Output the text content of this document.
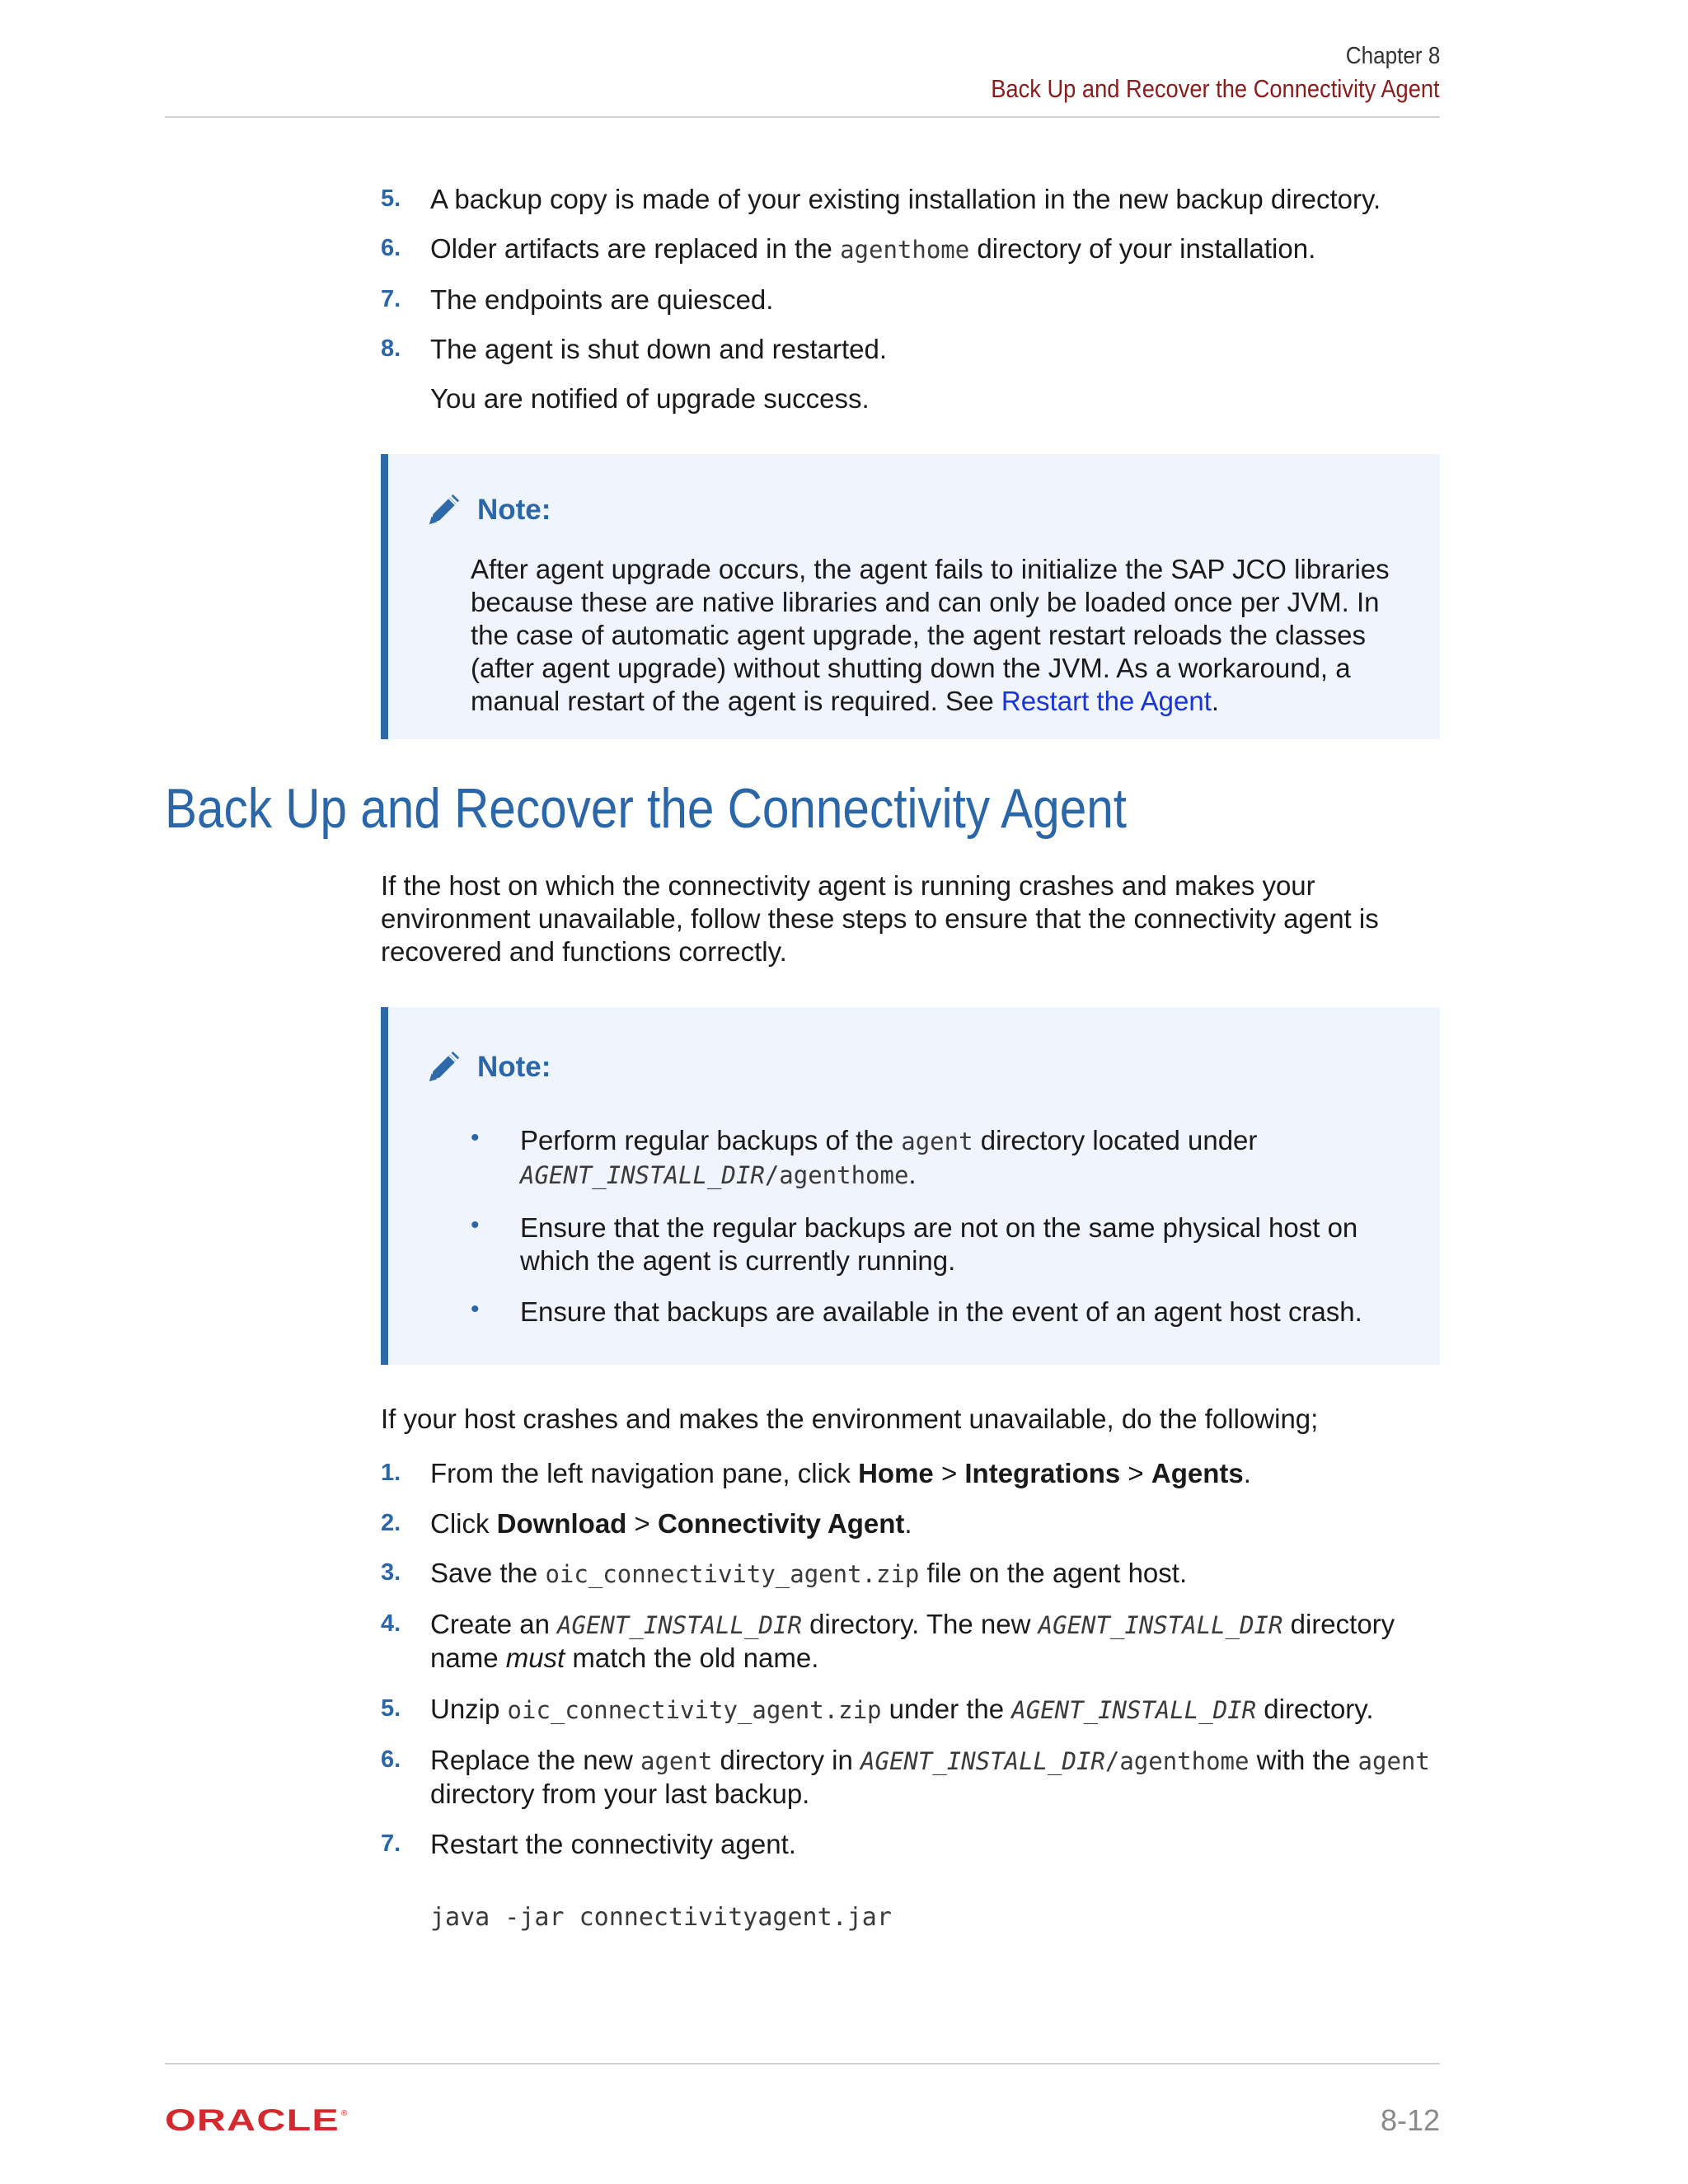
Chapter 8
Back Up and Recover the Connectivity Agent
5. A backup copy is made of your existing installation in the new backup directory.
6. Older artifacts are replaced in the agenthome directory of your installation.
7. The endpoints are quiesced.
8. The agent is shut down and restarted.
You are notified of upgrade success.
Note:
After agent upgrade occurs, the agent fails to initialize the SAP JCO libraries because these are native libraries and can only be loaded once per JVM. In the case of automatic agent upgrade, the agent restart reloads the classes (after agent upgrade) without shutting down the JVM. As a workaround, a manual restart of the agent is required. See Restart the Agent.
Back Up and Recover the Connectivity Agent
If the host on which the connectivity agent is running crashes and makes your environment unavailable, follow these steps to ensure that the connectivity agent is recovered and functions correctly.
Note:
• Perform regular backups of the agent directory located under
AGENT_INSTALL_DIR/agenthome.
• Ensure that the regular backups are not on the same physical host on which the agent is currently running.
• Ensure that backups are available in the event of an agent host crash.
If your host crashes and makes the environment unavailable, do the following;
1. From the left navigation pane, click Home > Integrations > Agents.
2. Click Download > Connectivity Agent.
3. Save the oic_connectivity_agent.zip file on the agent host.
4. Create an AGENT_INSTALL_DIR directory. The new AGENT_INSTALL_DIR directory name must match the old name.
5. Unzip oic_connectivity_agent.zip under the AGENT_INSTALL_DIR directory.
6. Replace the new agent directory in AGENT_INSTALL_DIR/agenthome with the agent directory from your last backup.
7. Restart the connectivity agent.
java -jar connectivityagent.jar
ORACLE ®	8-12
